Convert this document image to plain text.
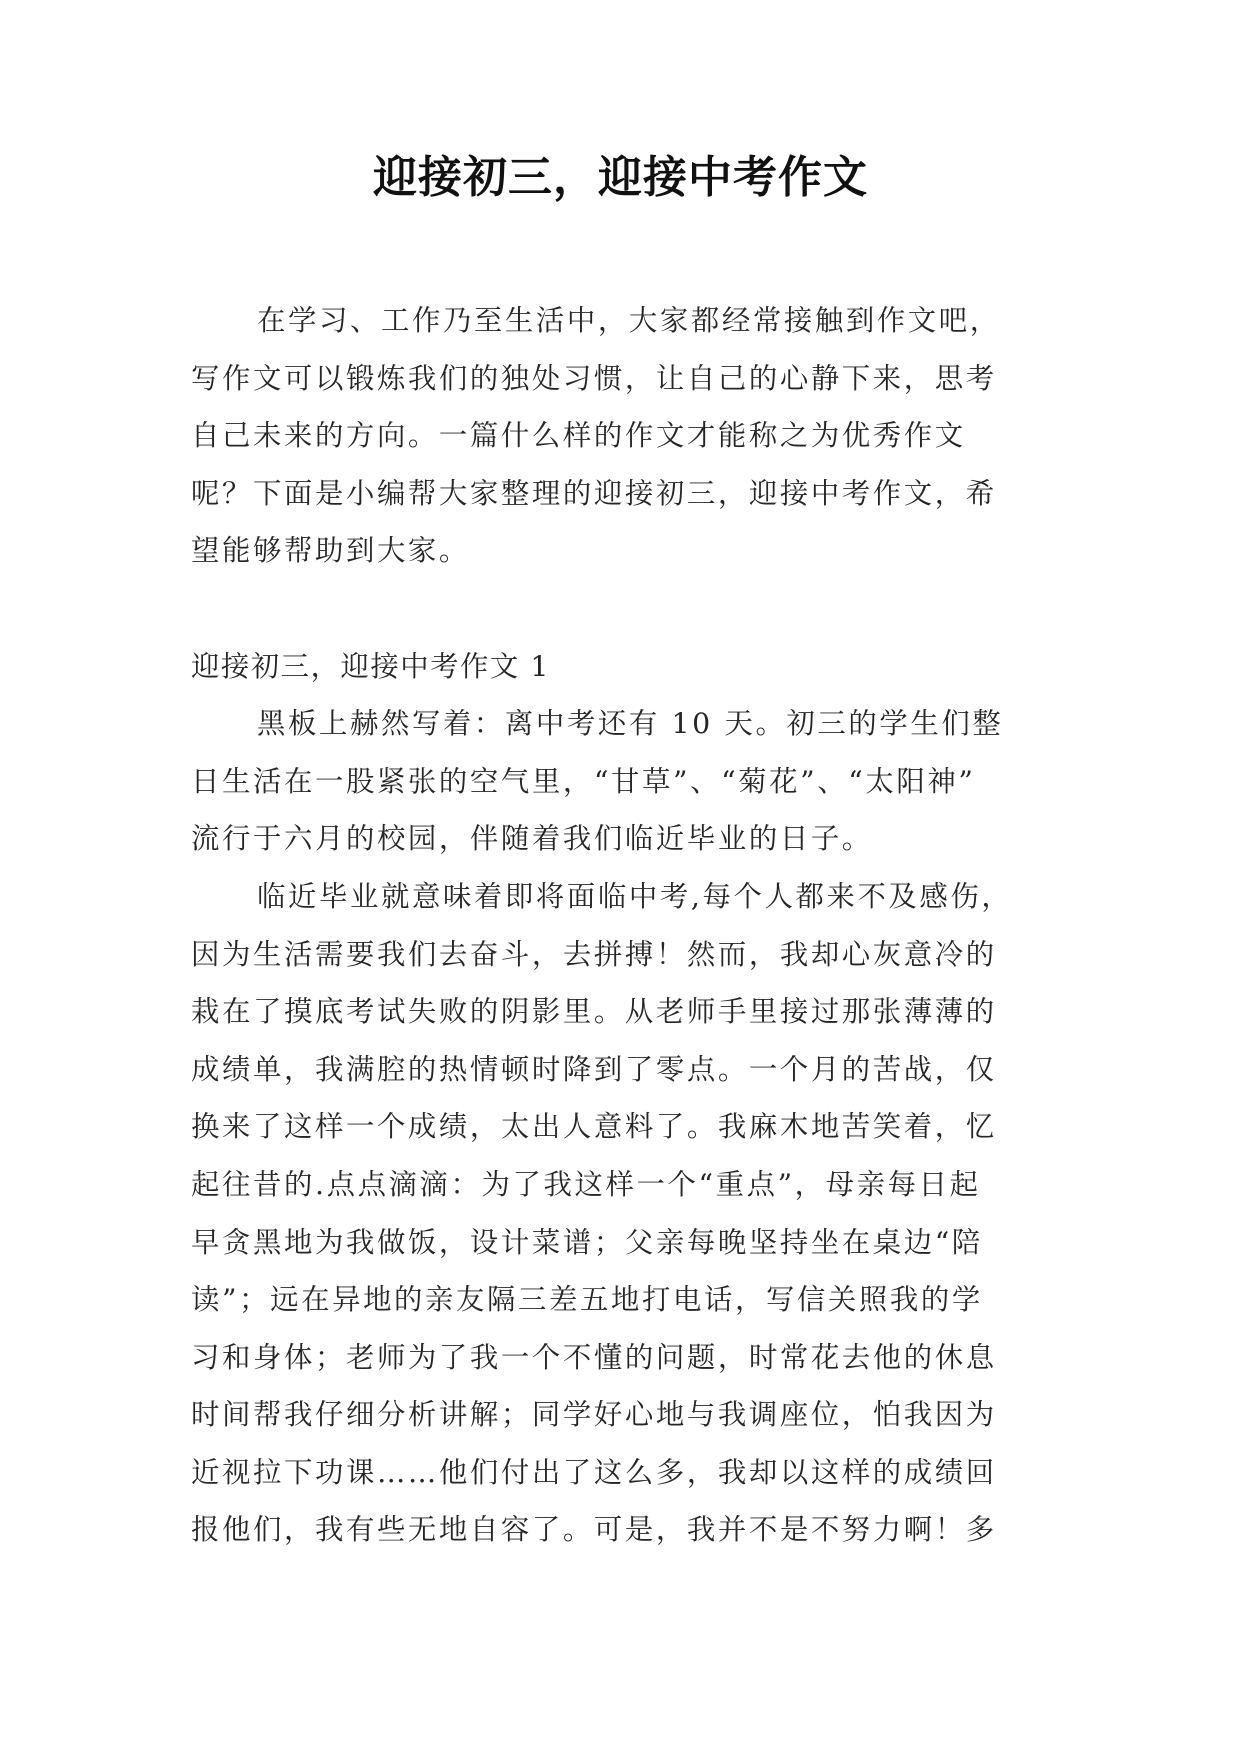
迎接初三，迎接中考作文
在学习、工作乃至生活中，大家都经常接触到作文吧，
写作文可以锻炼我们的独处习惯，让自己的心静下来，思考
自己未来的方向。一篇什么样的作文才能称之为优秀作文
呢？下面是小编帮大家整理的迎接初三，迎接中考作文，希
望能够帮助到大家。
迎接初三，迎接中考作文 1
黑板上赫然写着：离中考还有 10 天。初三的学生们整
日生活在一股紧张的空气里，“甘草”、“菊花”、“太阳神”
流行于六月的校园，伴随着我们临近毕业的日子。
临近毕业就意味着即将面临中考,每个人都来不及感伤，
因为生活需要我们去奋斗，去拼搏！然而，我却心灰意冷的
栽在了摸底考试失败的阴影里。从老师手里接过那张薄薄的
成绩单，我满腔的热情顿时降到了零点。一个月的苦战，仅
换来了这样一个成绩，太出人意料了。我麻木地苦笑着，忆
起往昔的.点点滴滴：为了我这样一个“重点”，母亲每日起
早贪黑地为我做饭，设计菜谱；父亲每晚坚持坐在桌边“陪
读”；远在异地的亲友隔三差五地打电话，写信关照我的学
习和身体；老师为了我一个不懂的问题，时常花去他的休息
时间帮我仔细分析讲解；同学好心地与我调座位，怕我因为
近视拉下功课……他们付出了这么多，我却以这样的成绩回
报他们，我有些无地自容了。可是，我并不是不努力啊！多
